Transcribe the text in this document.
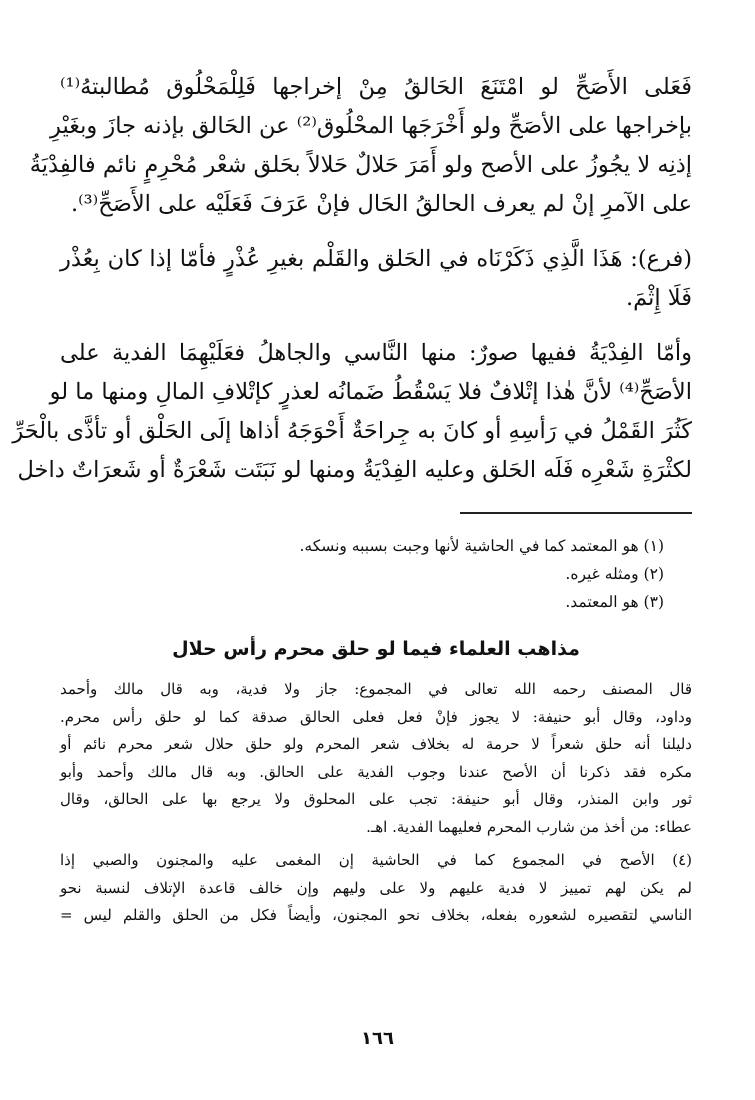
فَعَلى الأَصَحِّ لو امْتَنَعَ الحَالقُ مِنْ إخراجها فَلِلْمَحْلُوق مُطالبتهُ⁽¹⁾
بإخراجها على الأصَحِّ ولو أَخْرَجَها المحْلُوق⁽²⁾ عن الحَالق بإذنه جازَ وبغَيْرِ
إذنِه لا يجُوزُ على الأصح ولو أَمَرَ حَلالٌ حَلالاً بحَلق شعْر مُحْرِمٍ نائم فالفِدْيَةُ
على الآمرِ إنْ لم يعرف الحالقُ الحَال فإنْ عَرَفَ فَعَلَيْه على الأَصَحِّ⁽³⁾.
(فرع): هَذَا الَّذِي ذَكَرْنَاه في الحَلق والقَلْم بغيرِ عُذْرٍ فأمّا إذا كان بِعُذْر
فَلَا إِثْمَ.
وأمّا الفِدْيَةُ ففيها صورٌ: منها النَّاسي والجاهلُ فعَلَيْهِمَا الفدية على
الأصَحِّ⁽⁴⁾ لأنَّ هٰذا إتْلافٌ فلا يَسْقُطُ ضَمانُه لعذرٍ كإتْلافِ المالِ ومنها ما لو
كَثُرَ القَمْلُ في رَأسِهِ أو كانَ به جِراحَةٌ أَحْوَجَهُ أذاها إلَى الحَلْق أو تأذَّى بالْحَرِّ
لكثْرَةِ شَعْرِه فَلَه الحَلق وعليه الفِدْيَةُ ومنها لو نَبَتَت شَعْرَةٌ أو شَعرَاتٌ داخل
(١) هو المعتمد كما في الحاشية لأنها وجبت بسببه ونسكه.
(٢) ومثله غيره.
(٣) هو المعتمد.
مذاهب العلماء فيما لو حلق محرم رأس حلال
قال المصنف رحمه الله تعالى في المجموع: جاز ولا فدية، وبه قال مالك وأحمد
وداود، وقال أبو حنيفة: لا يجوز فإنْ فعل فعلى الحالق صدقة كما لو حلق رأس محرم.
دليلنا أنه حلق شعراً لا حرمة له بخلاف شعر المحرم ولو حلق حلال شعر محرم نائم أو
مكره فقد ذكرنا أن الأصح عندنا وجوب الفدية على الحالق. وبه قال مالك وأحمد وأبو
ثور وابن المنذر، وقال أبو حنيفة: تجب على المحلوق ولا يرجع بها على الحالق، وقال
عطاء: من أخذ من شارب المحرم فعليهما الفدية. اهـ.
(٤) الأصح في المجموع كما في الحاشية إن المغمى عليه والمجنون والصبي إذا
لم يكن لهم تمييز لا فدية عليهم ولا على وليهم وإن خالف قاعدة الإتلاف لنسبة نحو
الناسي لتقصيره لشعوره بفعله، بخلاف نحو المجنون، وأيضاً فكل من الحلق والقلم ليس =
١٦٦
